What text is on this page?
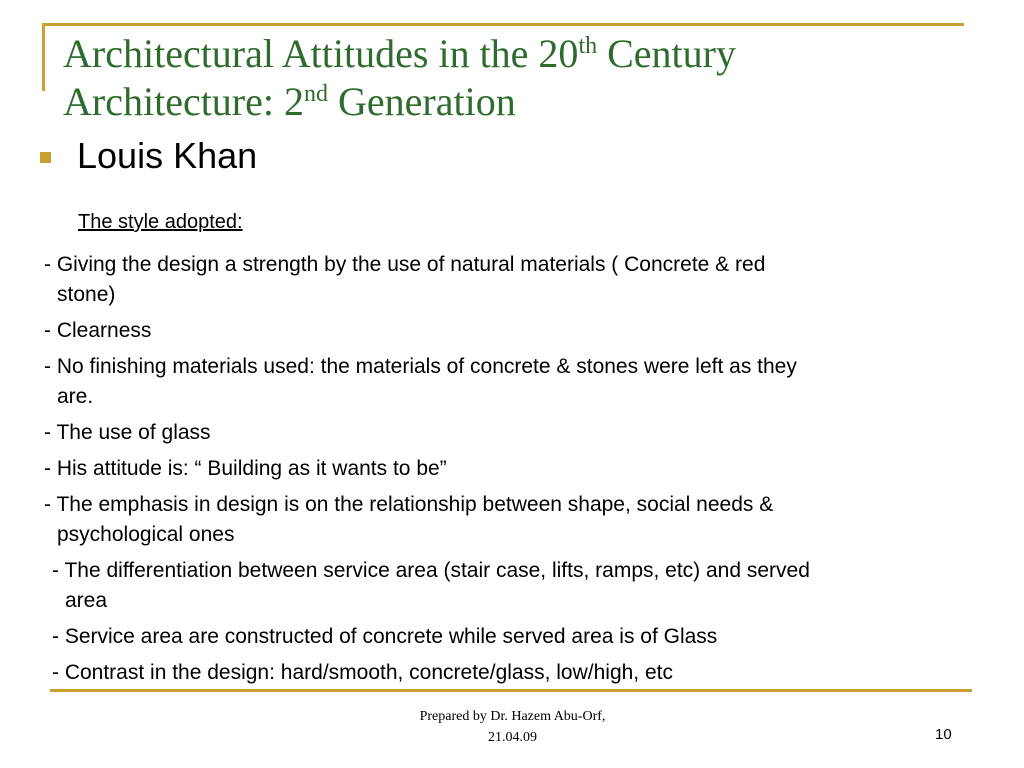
Architectural Attitudes in the 20th Century
Architecture: 2nd Generation
Louis Khan
The style adopted:
- Giving the design a strength by the use of natural materials ( Concrete & red
stone)
- Clearness
- No finishing materials used: the materials of concrete & stones were left as they
are.
- The use of glass
- His attitude is: “ Building as it wants to be”
- The emphasis in design is on the relationship between shape, social needs &
psychological ones
- The differentiation between service area (stair case, lifts, ramps, etc) and served
area
- Service area are constructed of concrete while served area is of Glass
- Contrast in the design: hard/smooth, concrete/glass, low/high, etc
Prepared by Dr. Hazem Abu-Orf,
21.04.09	10
